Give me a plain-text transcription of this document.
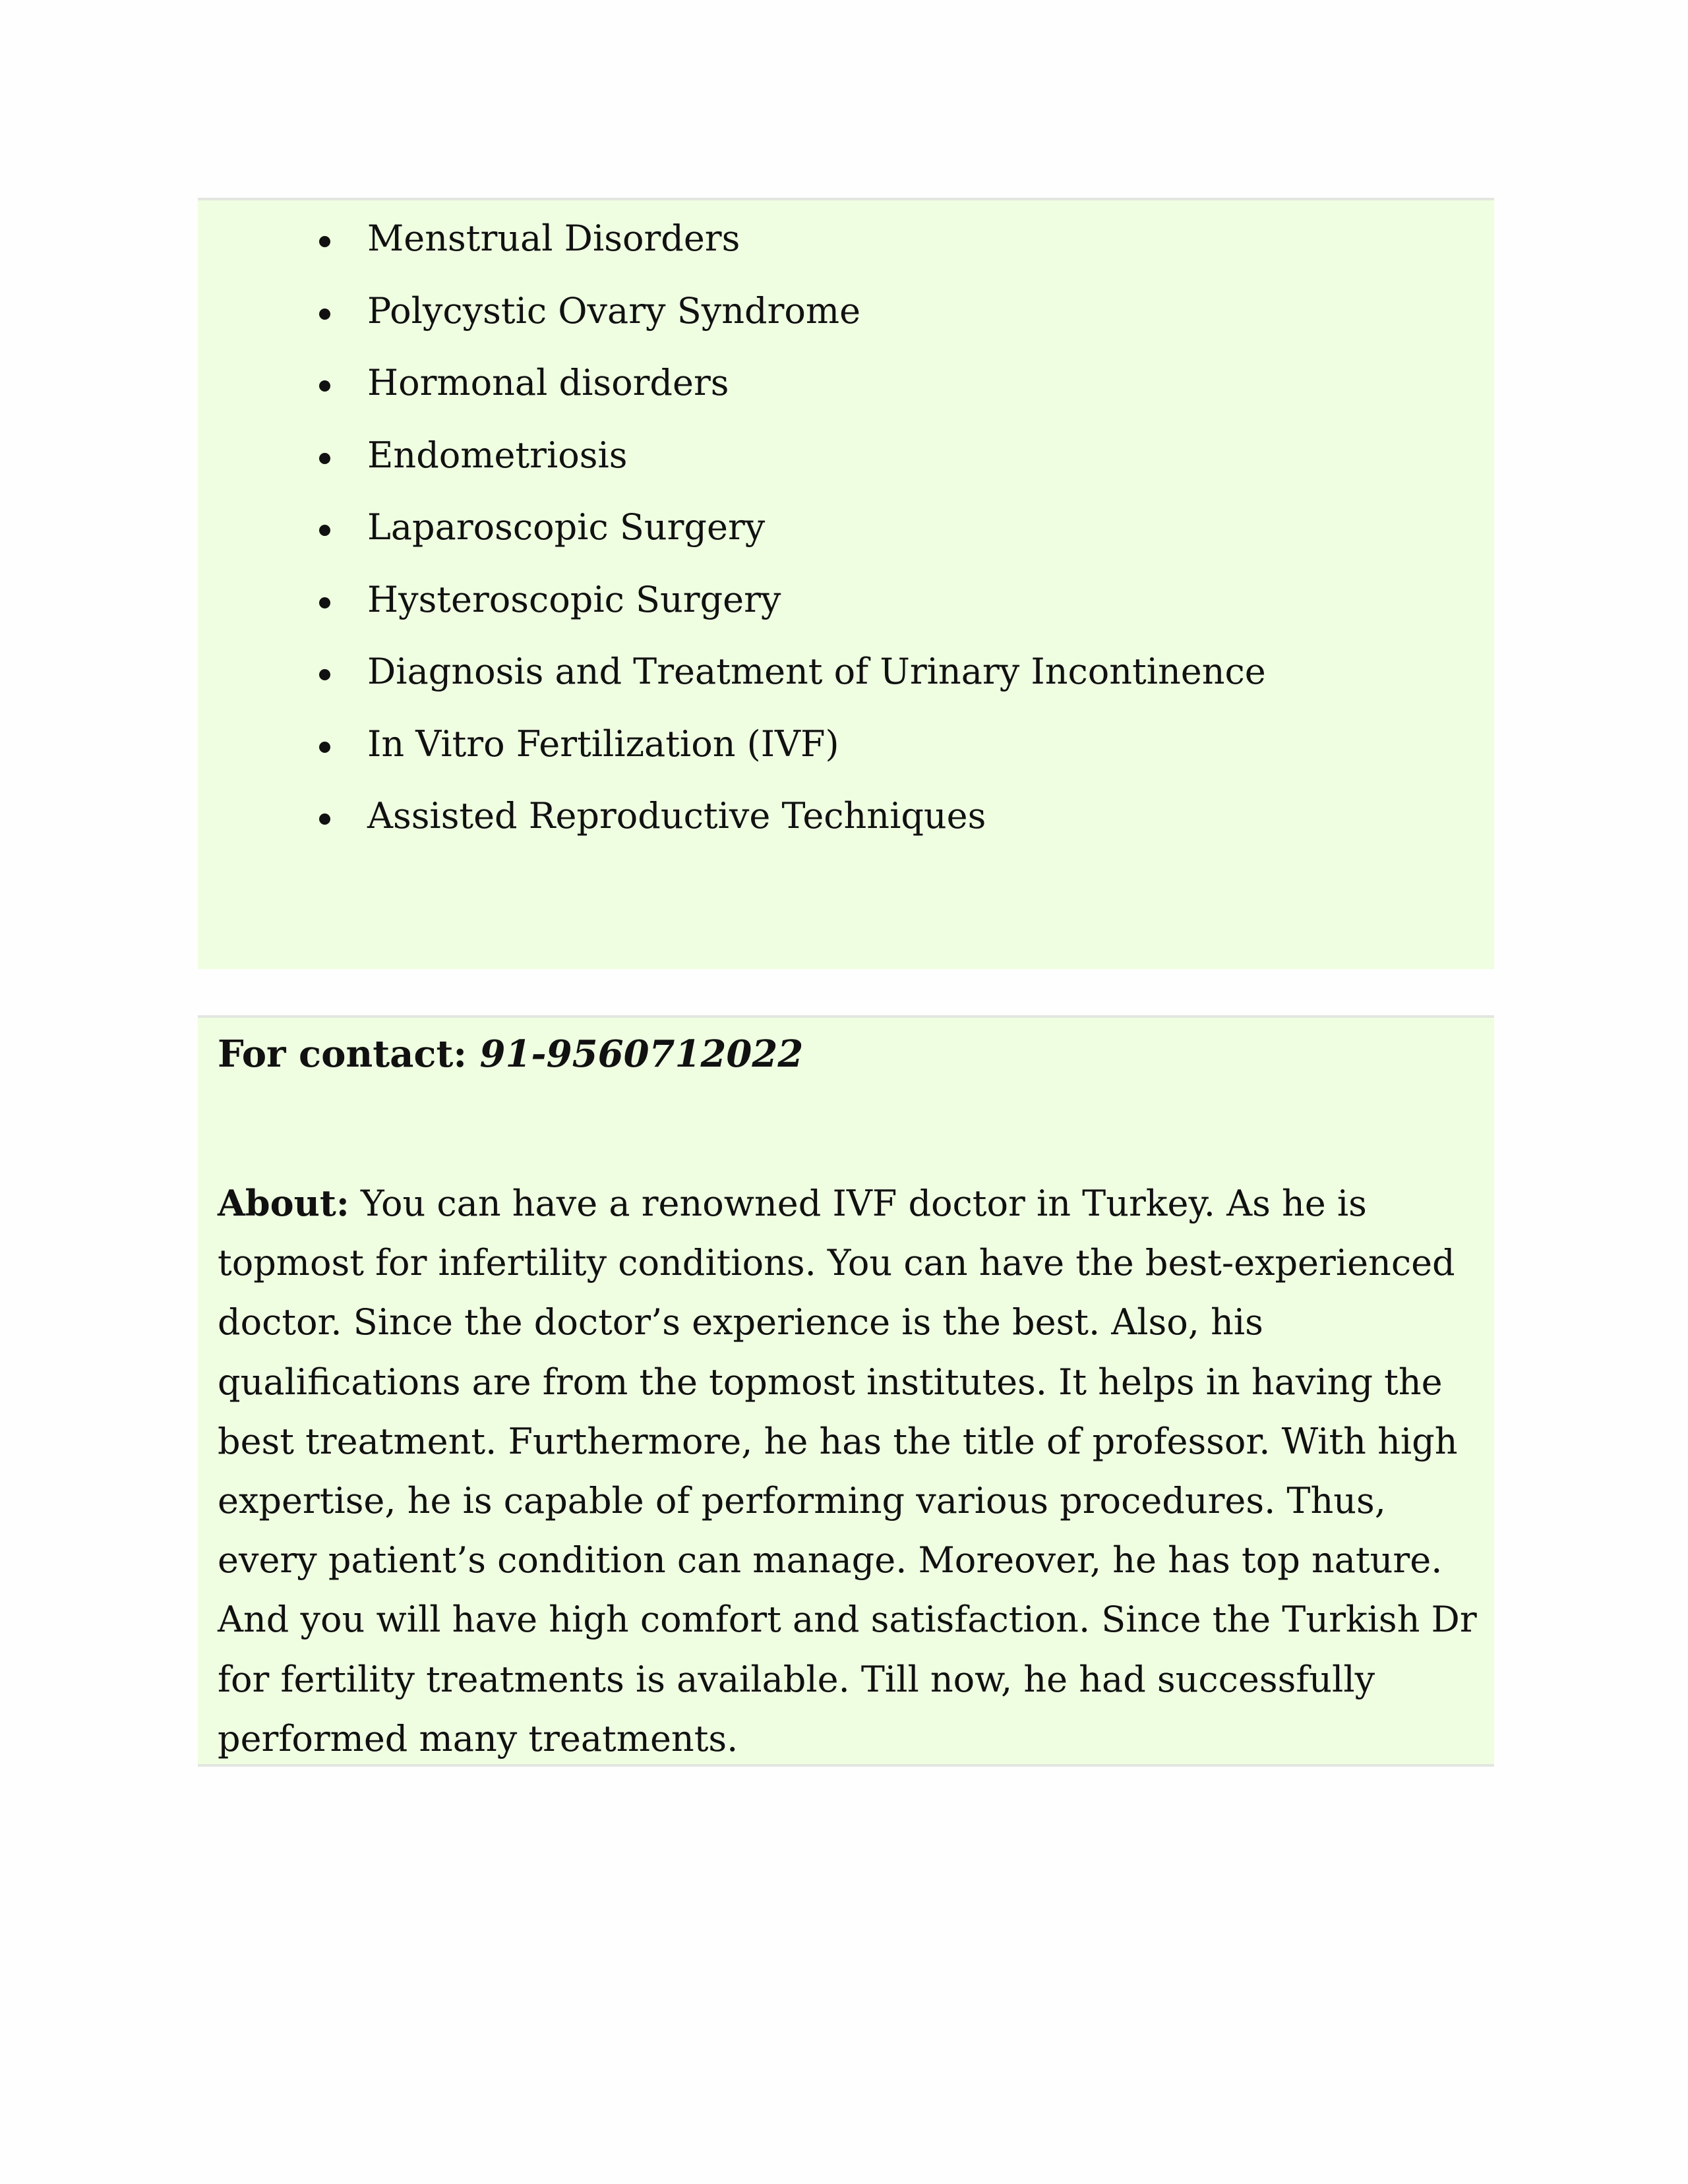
Menstrual Disorders
Polycystic Ovary Syndrome
Hormonal disorders
Endometriosis
Laparoscopic Surgery
Hysteroscopic Surgery
Diagnosis and Treatment of Urinary Incontinence
In Vitro Fertilization (IVF)
Assisted Reproductive Techniques
For contact: 91-9560712022

About: You can have a renowned IVF doctor in Turkey. As he is topmost for infertility conditions. You can have the best-experienced doctor. Since the doctor’s experience is the best. Also, his qualifications are from the topmost institutes. It helps in having the best treatment. Furthermore, he has the title of professor. With high expertise, he is capable of performing various procedures. Thus, every patient’s condition can manage. Moreover, he has top nature. And you will have high comfort and satisfaction. Since the Turkish Dr for fertility treatments is available. Till now, he had successfully performed many treatments.
